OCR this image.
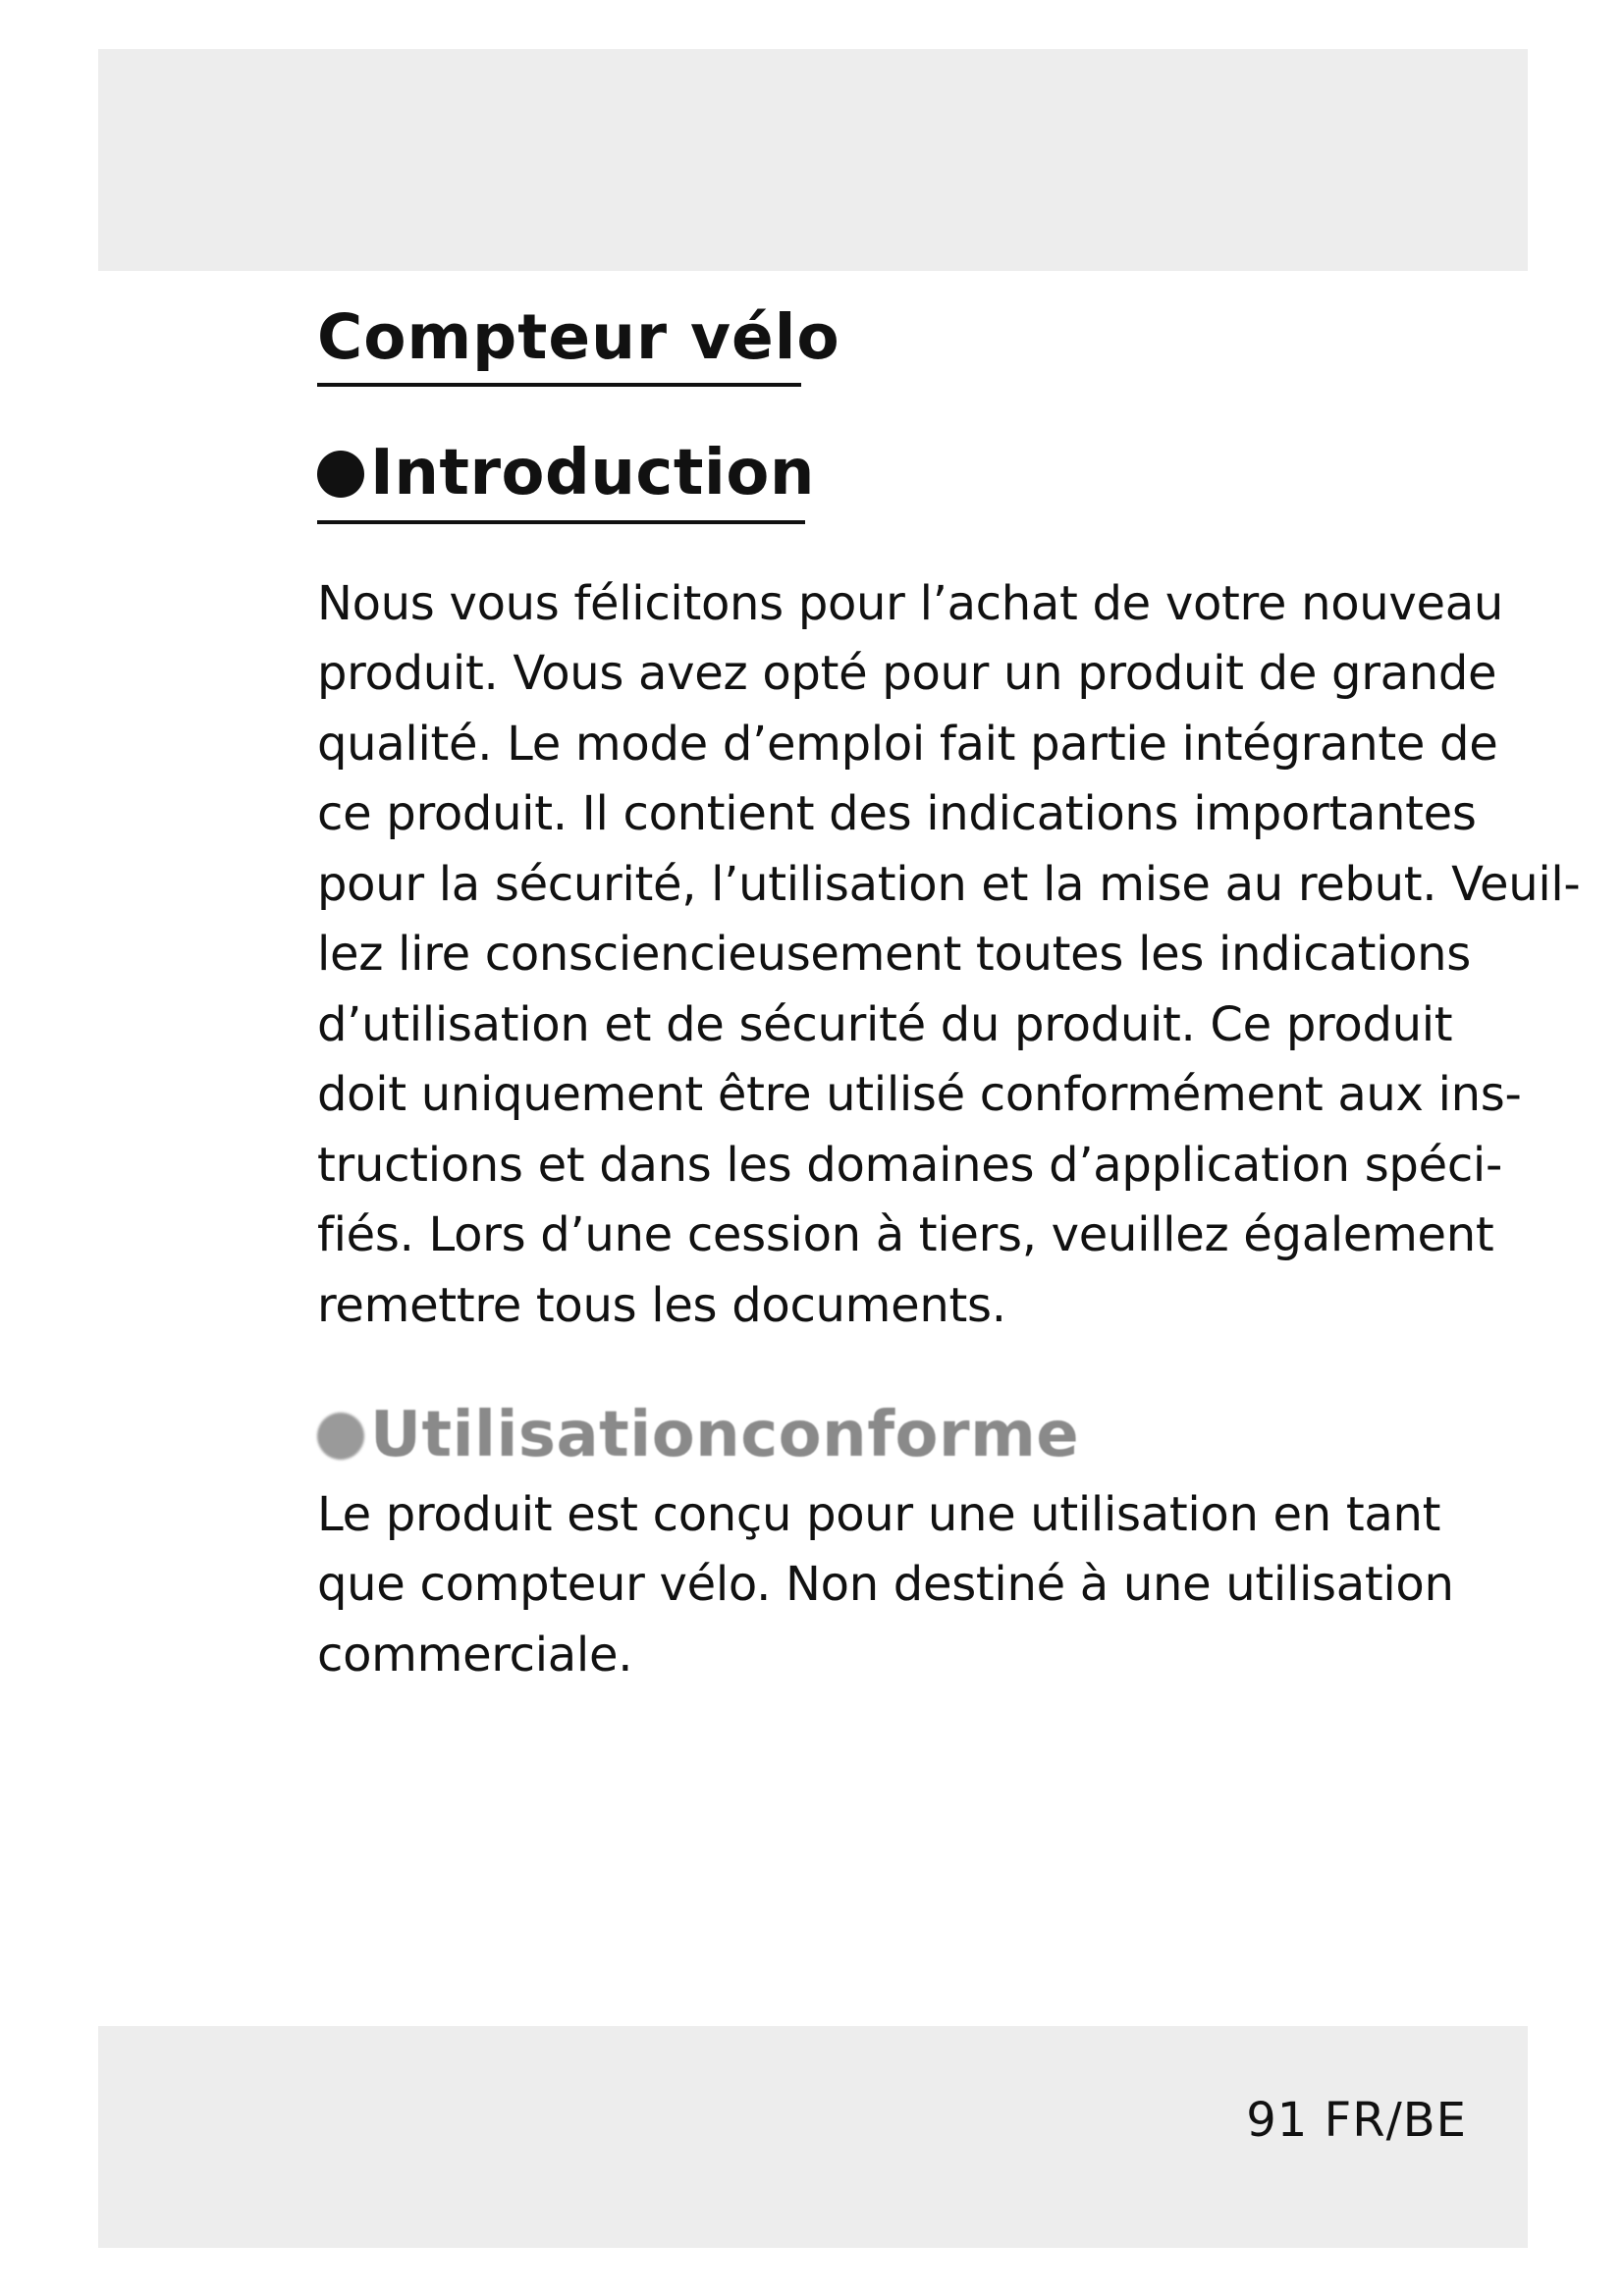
Compteur vélo
Introduction

Nous vous félicitons pour l’achat de votre nouveau
produit. Vous avez opté pour un produit de grande
qualité. Le mode d’emploi fait partie intégrante de
ce produit. Il contient des indications importantes
pour la sécurité, l’utilisation et la mise au rebut. Veuil-
lez lire consciencieusement toutes les indications
d’utilisation et de sécurité du produit. Ce produit
doit uniquement être utilisé conformément aux ins-
tructions et dans les domaines d’application spéci-
fiés. Lors d’une cession à tiers, veuillez également
remettre tous les documents.

Utilisationconforme

Le produit est conçu pour une utilisation en tant
que compteur vélo. Non destiné à une utilisation
commerciale.

91 FR/BE
